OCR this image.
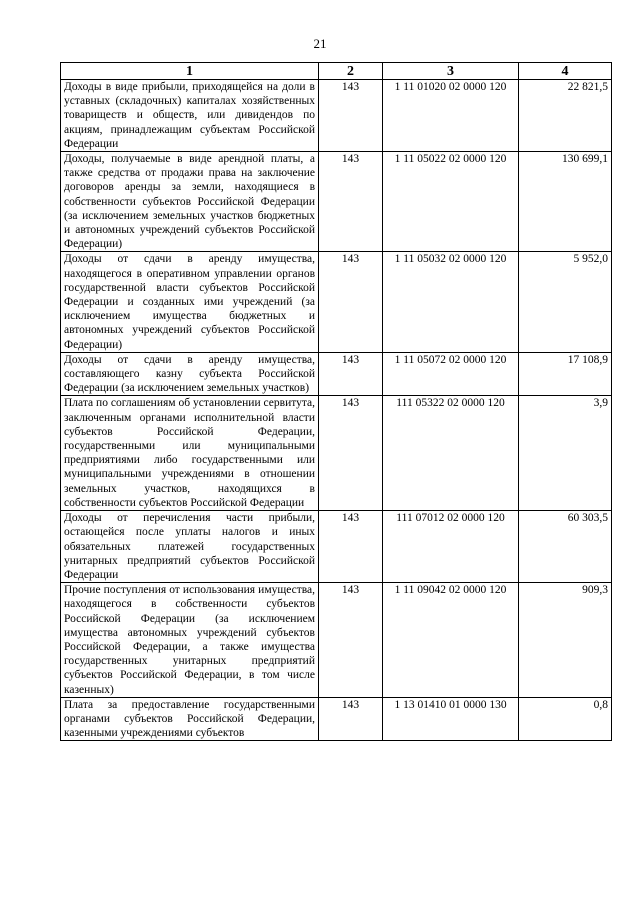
21
1	2	3	4
Доходы в виде прибыли, приходящейся на доли в уставных (складочных) капиталах хозяйственных товариществ и обществ, или дивидендов по акциям, принадлежащим субъектам Российской Федерации	143	1 11 01020 02 0000 120	22 821,5
Доходы, получаемые в виде арендной платы, а также средства от продажи права на заключение договоров аренды за земли, находящиеся в собственности субъектов Российской Федерации (за исключением земельных участков бюджетных и автономных учреждений субъектов Российской Федерации)	143	1 11 05022 02 0000 120	130 699,1
Доходы от сдачи в аренду имущества, находящегося в оперативном управлении органов государственной власти субъектов Российской Федерации и созданных ими учреждений (за исключением имущества бюджетных и автономных учреждений субъектов Российской Федерации)	143	1 11 05032 02 0000 120	5 952,0
Доходы от сдачи в аренду имущества, составляющего казну субъекта Российской Федерации (за исключением земельных участков)	143	1 11 05072 02 0000 120	17 108,9
Плата по соглашениям об установлении сервитута, заключенным органами исполнительной власти субъектов Российской Федерации, государственными или муниципальными предприятиями либо государственными или муниципальными учреждениями в отношении земельных участков, находящихся в собственности субъектов Российской Федерации	143	111 05322 02 0000 120	3,9
Доходы от перечисления части прибыли, остающейся после уплаты налогов и иных обязательных платежей государственных унитарных предприятий субъектов Российской Федерации	143	111 07012 02 0000 120	60 303,5
Прочие поступления от использования имущества, находящегося в собственности субъектов Российской Федерации (за исключением имущества автономных учреждений субъектов Российской Федерации, а также имущества государственных унитарных предприятий субъектов Российской Федерации, в том числе казенных)	143	1 11 09042 02 0000 120	909,3
Плата за предоставление государственными органами субъектов Российской Федерации, казенными учреждениями субъектов	143	1 13 01410 01 0000 130	0,8
